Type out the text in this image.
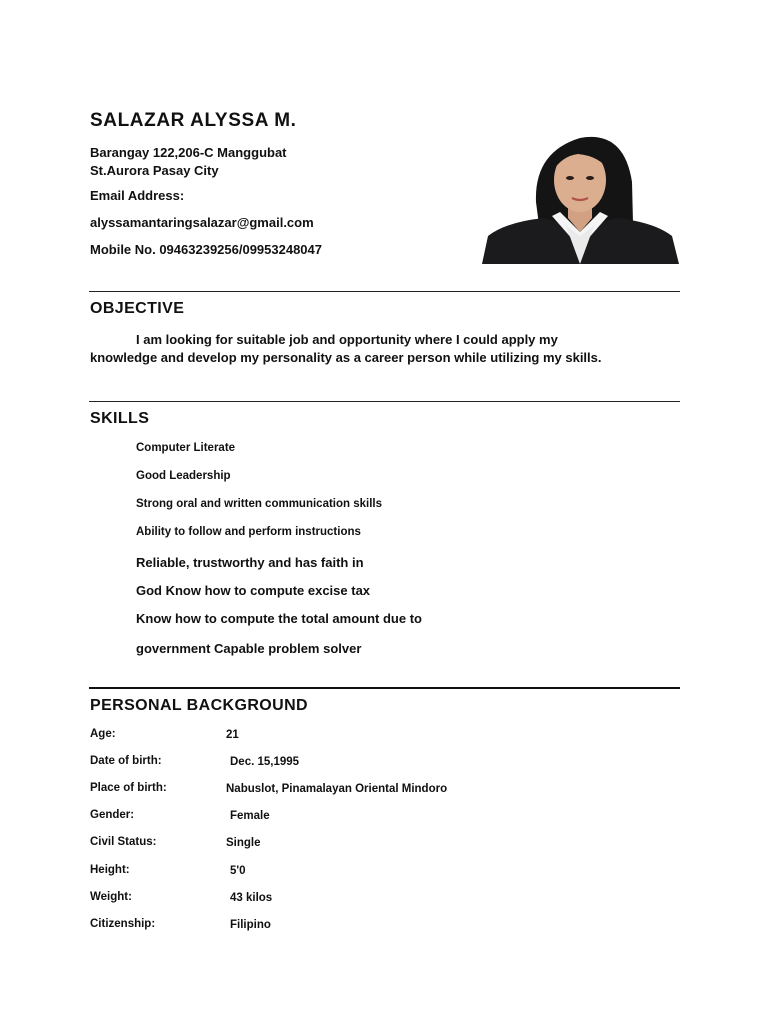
SALAZAR ALYSSA M.
Barangay 122,206-C Manggubat
St.Aurora Pasay City
Email Address:
alyssamantaringsalazar@gmail.com
Mobile No. 09463239256/09953248047
OBJECTIVE
I am looking for suitable job and opportunity where I could apply my
knowledge and develop my personality as a career person while utilizing my skills.
SKILLS
Computer Literate
Good Leadership
Strong oral and written communication skills
Ability to follow and perform instructions
Reliable, trustworthy and has faith in
God Know how to compute excise tax
Know how to compute the total amount due to
government Capable problem solver
PERSONAL BACKGROUND
Age:	21
Date of birth:	Dec. 15,1995
Place of birth:	Nabuslot, Pinamalayan Oriental Mindoro
Gender:	Female
Civil Status:	Single
Height:	5'0
Weight:	43 kilos
Citizenship:	Filipino
